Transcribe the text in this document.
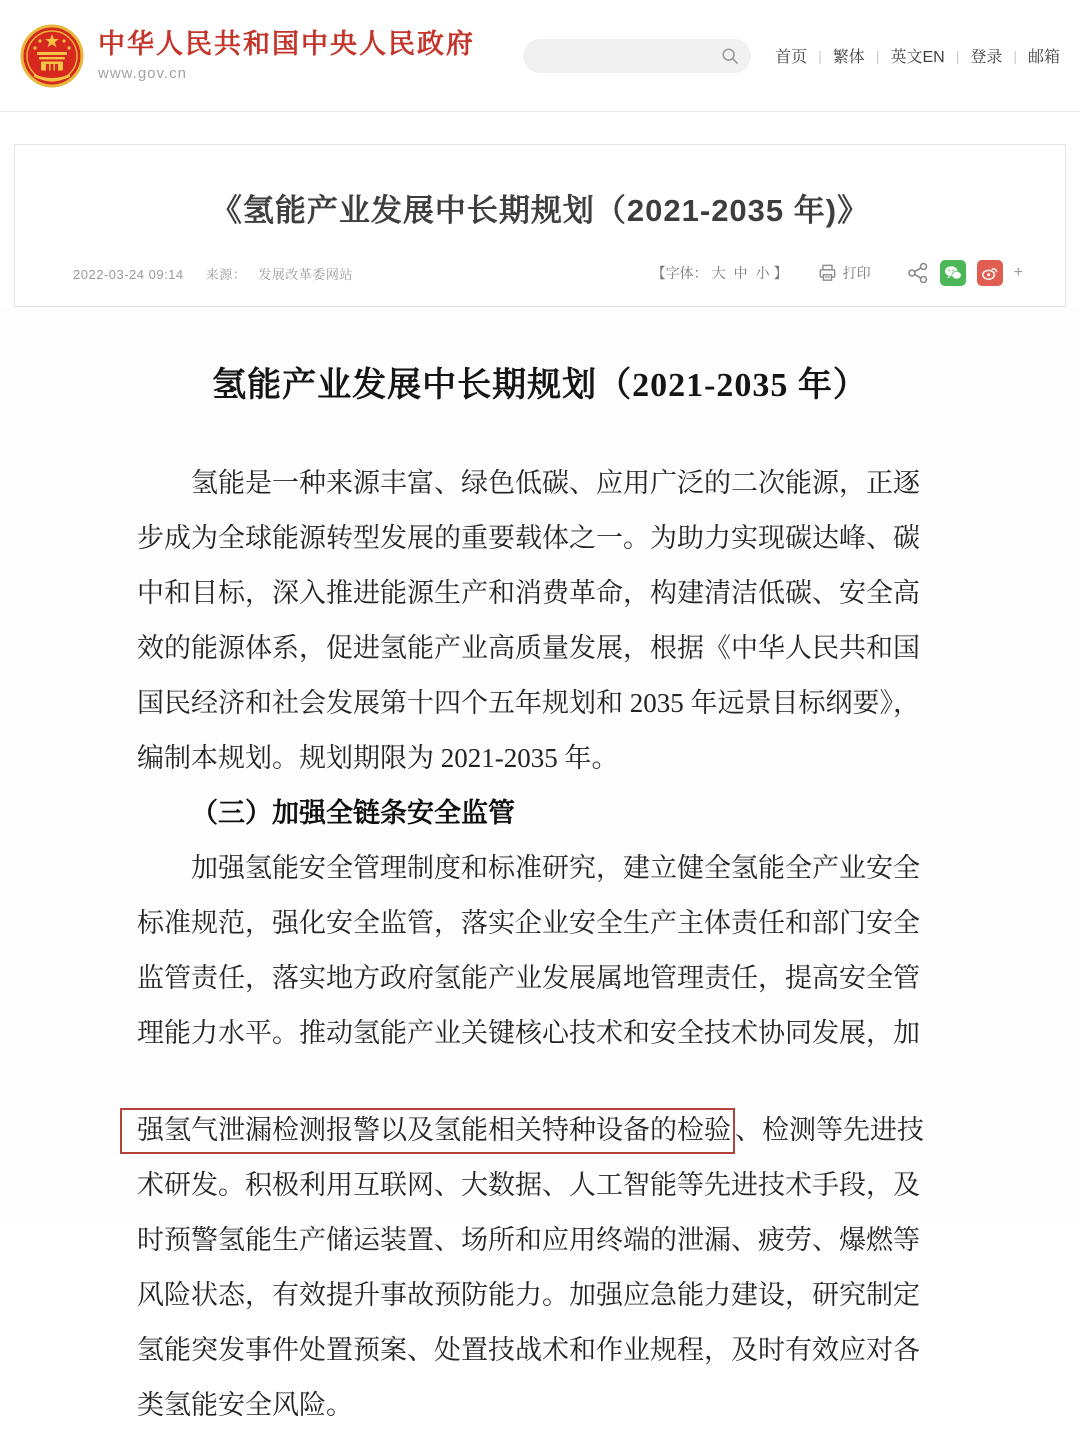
中华人民共和国中央人民政府
www.gov.cn
首页 | 繁体 | 英文EN | 登录 | 邮箱
《氢能产业发展中长期规划（2021-2035 年)》
2022-03-24 09:14 来源： 发展改革委网站	【字体： 大 中 小 】	打印	+
氢能产业发展中长期规划（2021-2035 年）
氢能是一种来源丰富、绿色低碳、应用广泛的二次能源，正逐
步成为全球能源转型发展的重要载体之一。为助力实现碳达峰、碳
中和目标，深入推进能源生产和消费革命，构建清洁低碳、安全高
效的能源体系，促进氢能产业高质量发展，根据《中华人民共和国
国民经济和社会发展第十四个五年规划和 2035 年远景目标纲要》，
编制本规划。规划期限为 2021-2035 年。
（三）加强全链条安全监管
加强氢能安全管理制度和标准研究，建立健全氢能全产业安全
标准规范，强化安全监管，落实企业安全生产主体责任和部门安全
监管责任，落实地方政府氢能产业发展属地管理责任，提高安全管
理能力水平。推动氢能产业关键核心技术和安全技术协同发展，加
强氢气泄漏检测报警以及氢能相关特种设备的检验 、检测等先进技
术研发。积极利用互联网、大数据、人工智能等先进技术手段，及
时预警氢能生产储运装置、场所和应用终端的泄漏、疲劳、爆燃等
风险状态，有效提升事故预防能力。加强应急能力建设，研究制定
氢能突发事件处置预案、处置技战术和作业规程，及时有效应对各
类氢能安全风险。
